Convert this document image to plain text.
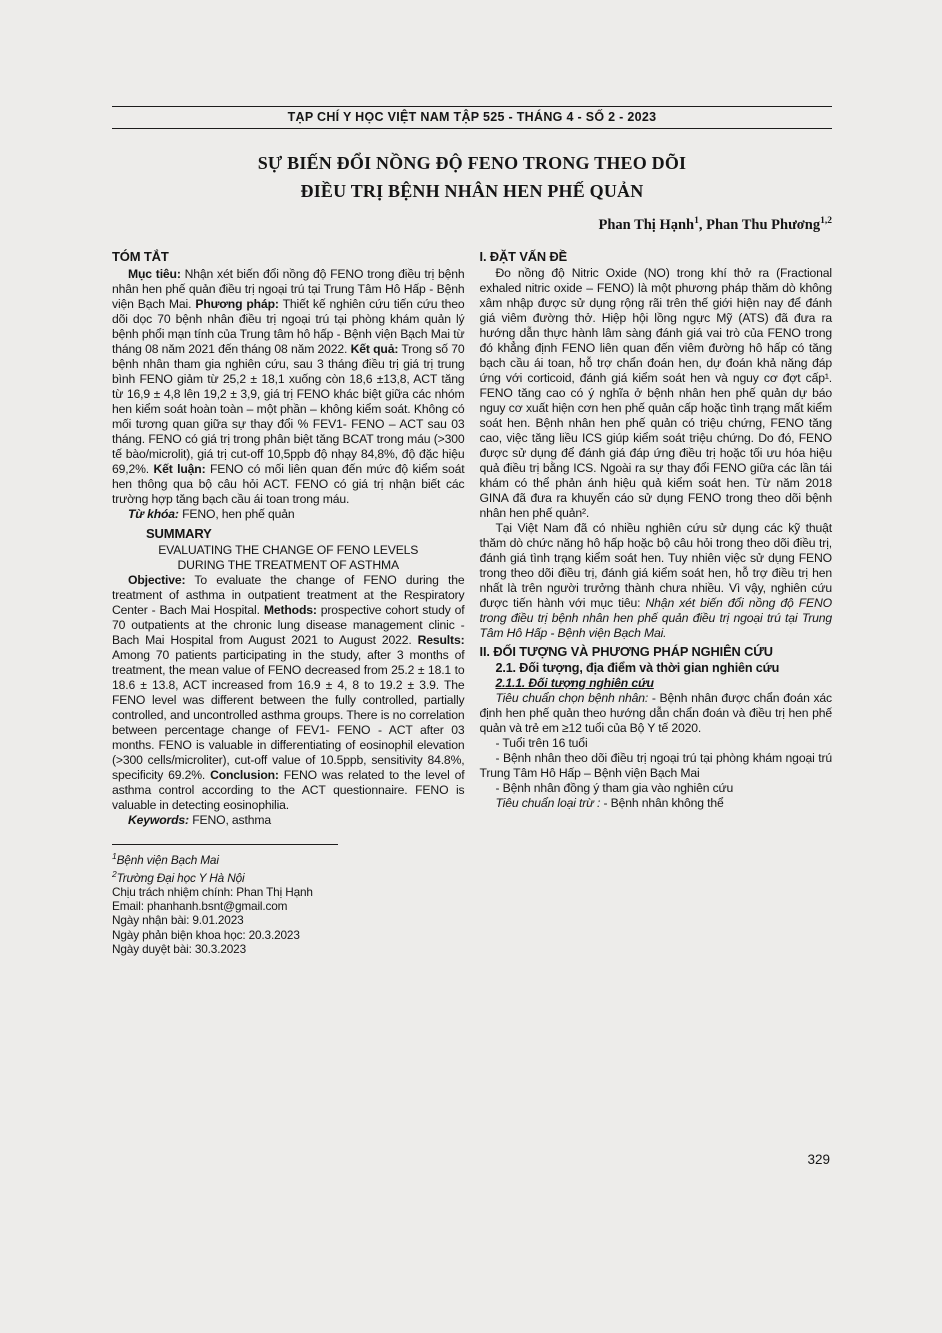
TẠP CHÍ Y HỌC VIỆT NAM TẬP 525 - THÁNG 4 - SỐ 2 - 2023
SỰ BIẾN ĐỔI NỒNG ĐỘ FENO TRONG THEO DÕI
ĐIỀU TRỊ BỆNH NHÂN HEN PHẾ QUẢN
Phan Thị Hạnh$^1$, Phan Thu Phương$^{1,2}$
TÓM TẮT

Mục tiêu: Nhận xét biến đổi nồng độ FENO trong điều trị bệnh nhân hen phế quản điều trị ngoại trú tại Trung Tâm Hô Hấp - Bệnh viện Bạch Mai. Phương pháp: Thiết kế nghiên cứu tiến cứu theo dõi dọc 70 bệnh nhân điều trị ngoại trú tại phòng khám quản lý bệnh phổi mạn tính của Trung tâm hô hấp - Bệnh viện Bạch Mai từ tháng 08 năm 2021 đến tháng 08 năm 2022. Kết quả: Trong số 70 bệnh nhân tham gia nghiên cứu, sau 3 tháng điều trị giá trị trung bình FENO giảm từ 25,2 ± 18,1 xuống còn 18,6 ±13,8, ACT tăng từ 16,9 ± 4,8 lên 19,2 ± 3,9, giá trị FENO khác biệt giữa các nhóm hen kiểm soát hoàn toàn – một phần – không kiểm soát. Không có mối tương quan giữa sự thay đổi % FEV1- FENO – ACT sau 03 tháng. FENO có giá trị trong phân biệt tăng BCAT trong máu (>300 tế bào/microlit), giá trị cut-off 10,5ppb độ nhạy 84,8%, độ đặc hiệu 69,2%. Kết luận: FENO có mối liên quan đến mức độ kiểm soát hen thông qua bộ câu hỏi ACT. FENO có giá trị nhận biết các trường hợp tăng bạch cầu ái toan trong máu.

Từ khóa: FENO, hen phế quản

SUMMARY

EVALUATING THE CHANGE OF FENO LEVELS
DURING THE TREATMENT OF ASTHMA

Objective: To evaluate the change of FENO during the treatment of asthma in outpatient treatment at the Respiratory Center - Bach Mai Hospital. Methods: prospective cohort study of 70 outpatients at the chronic lung disease management clinic - Bach Mai Hospital from August 2021 to August 2022. Results: Among 70 patients participating in the study, after 3 months of treatment, the mean value of FENO decreased from 25.2 ± 18.1 to 18.6 ± 13.8, ACT increased from 16.9 ± 4, 8 to 19.2 ± 3.9. The FENO level was different between the fully controlled, partially controlled, and uncontrolled asthma groups. There is no correlation between percentage change of FEV1- FENO - ACT after 03 months. FENO is valuable in differentiating of eosinophil elevation (>300 cells/microliter), cut-off value of 10.5ppb, sensitivity 84.8%, specificity 69.2%. Conclusion: FENO was related to the level of asthma control according to the ACT questionnaire. FENO is valuable in detecting eosinophilia.

Keywords: FENO, asthma

$^1$Bệnh viện Bạch Mai

$^2$Trường Đại học Y Hà Nội

Chịu trách nhiệm chính: Phan Thị Hạnh

Email: phanhanh.bsnt@gmail.com

Ngày nhận bài: 9.01.2023

Ngày phản biện khoa học: 20.3.2023

Ngày duyệt bài: 30.3.2023

I. ĐẶT VẤN ĐỀ

Đo nồng độ Nitric Oxide (NO) trong khí thở ra (Fractional exhaled nitric oxide – FENO) là một phương pháp thăm dò không xâm nhập được sử dụng rộng rãi trên thế giới hiện nay để đánh giá viêm đường thở. Hiệp hội lồng ngực Mỹ (ATS) đã đưa ra hướng dẫn thực hành lâm sàng đánh giá vai trò của FENO trong đó khẳng định FENO liên quan đến viêm đường hô hấp có tăng bạch cầu ái toan, hỗ trợ chẩn đoán hen, dự đoán khả năng đáp ứng với corticoid, đánh giá kiểm soát hen và nguy cơ đợt cấp¹. FENO tăng cao có ý nghĩa ở bệnh nhân hen phế quản dự báo nguy cơ xuất hiện cơn hen phế quản cấp hoặc tình trạng mất kiểm soát hen. Bệnh nhân hen phế quản có triệu chứng, FENO tăng cao, việc tăng liều ICS giúp kiểm soát triệu chứng. Do đó, FENO được sử dụng để đánh giá đáp ứng điều trị hoặc tối ưu hóa hiệu quả điều trị bằng ICS. Ngoài ra sự thay đổi FENO giữa các lần tái khám có thể phản ánh hiệu quả kiểm soát hen. Từ năm 2018 GINA đã đưa ra khuyến cáo sử dụng FENO trong theo dõi bệnh nhân hen phế quản².

Tại Việt Nam đã có nhiều nghiên cứu sử dụng các kỹ thuật thăm dò chức năng hô hấp hoặc bộ câu hỏi trong theo dõi điều trị, đánh giá tình trạng kiểm soát hen. Tuy nhiên việc sử dụng FENO trong theo dõi điều trị, đánh giá kiểm soát hen, hỗ trợ điều trị hen nhất là trên người trưởng thành chưa nhiều. Vì vậy, nghiên cứu được tiến hành với mục tiêu: Nhận xét biến đổi nồng độ FENO trong điều trị bệnh nhân hen phế quản điều trị ngoại trú tại Trung Tâm Hô Hấp - Bệnh viện Bạch Mai.

II. ĐỐI TƯỢNG VÀ PHƯƠNG PHÁP NGHIÊN CỨU

2.1. Đối tượng, địa điểm và thời gian nghiên cứu

2.1.1. Đối tượng nghiên cứu

Tiêu chuẩn chọn bệnh nhân: - Bệnh nhân được chẩn đoán xác định hen phế quản theo hướng dẫn chẩn đoán và điều trị hen phế quản và trẻ em ≥12 tuổi của Bộ Y tế 2020.

- Tuổi trên 16 tuổi

- Bệnh nhân theo dõi điều trị ngoại trú tại phòng khám ngoại trú Trung Tâm Hô Hấp – Bệnh viện Bạch Mai

- Bệnh nhân đồng ý tham gia vào nghiên cứu

Tiêu chuẩn loại trừ : - Bệnh nhân không thể

329
